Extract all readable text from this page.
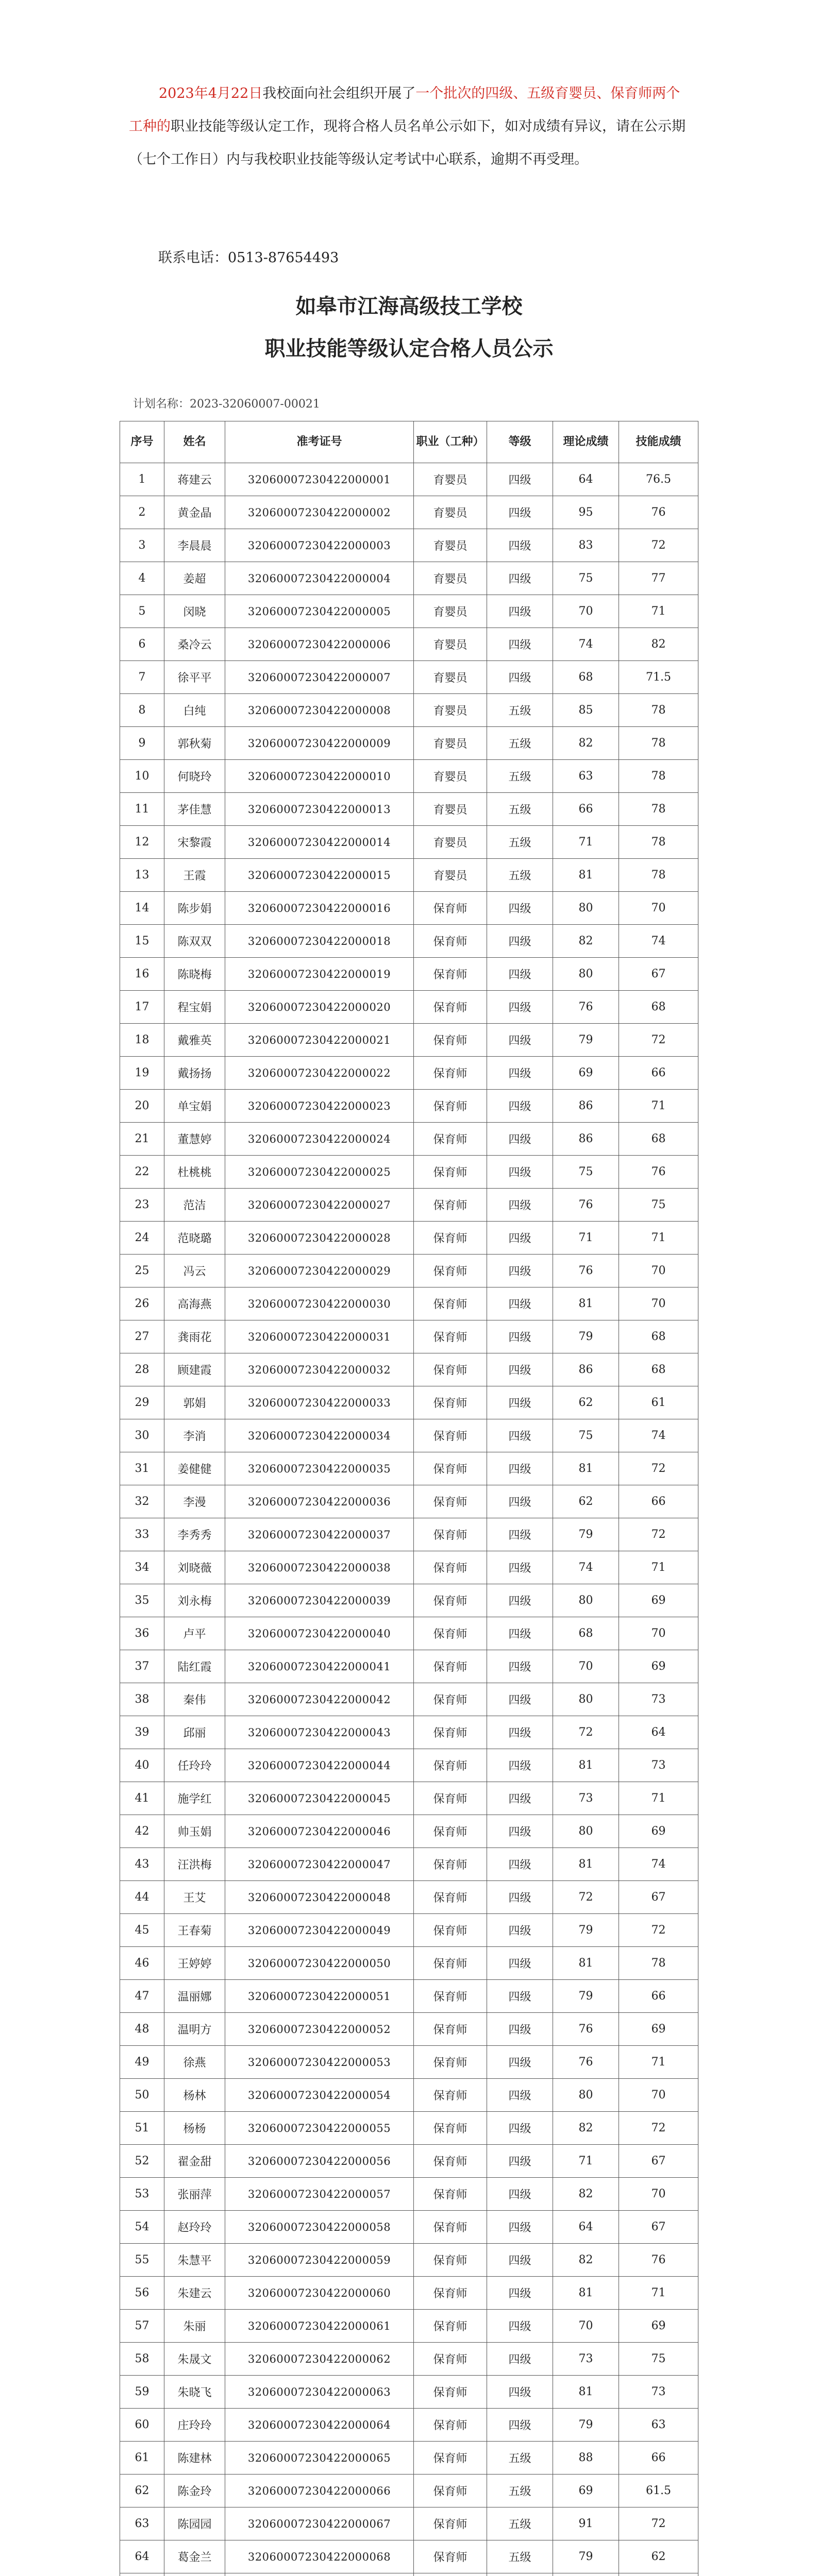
2023年4月22日我校面向社会组织开展了一个批次的四级、五级育婴员、保育师两个工种的职业技能等级认定工作，现将合格人员名单公示如下，如对成绩有异议，请在公示期（七个工作日）内与我校职业技能等级认定考试中心联系，逾期不再受理。
联系电话：0513-87654493
如皋市江海高级技工学校
职业技能等级认定合格人员公示
计划名称：2023-32060007-00021
序号	姓名	准考证号	职业（工种）	等级	理论成绩	技能成绩
1	蒋建云	32060007230422000001	育婴员	四级	64	76.5
2	黄金晶	32060007230422000002	育婴员	四级	95	76
3	李晨晨	32060007230422000003	育婴员	四级	83	72
4	姜超	32060007230422000004	育婴员	四级	75	77
5	闵晓	32060007230422000005	育婴员	四级	70	71
6	桑冷云	32060007230422000006	育婴员	四级	74	82
7	徐平平	32060007230422000007	育婴员	四级	68	71.5
8	白纯	32060007230422000008	育婴员	五级	85	78
9	郭秋菊	32060007230422000009	育婴员	五级	82	78
10	何晓玲	32060007230422000010	育婴员	五级	63	78
11	茅佳慧	32060007230422000013	育婴员	五级	66	78
12	宋黎霞	32060007230422000014	育婴员	五级	71	78
13	王霞	32060007230422000015	育婴员	五级	81	78
14	陈步娟	32060007230422000016	保育师	四级	80	70
15	陈双双	32060007230422000018	保育师	四级	82	74
16	陈晓梅	32060007230422000019	保育师	四级	80	67
17	程宝娟	32060007230422000020	保育师	四级	76	68
18	戴雅英	32060007230422000021	保育师	四级	79	72
19	戴扬扬	32060007230422000022	保育师	四级	69	66
20	单宝娟	32060007230422000023	保育师	四级	86	71
21	董慧婷	32060007230422000024	保育师	四级	86	68
22	杜桃桃	32060007230422000025	保育师	四级	75	76
23	范洁	32060007230422000027	保育师	四级	76	75
24	范晓璐	32060007230422000028	保育师	四级	71	71
25	冯云	32060007230422000029	保育师	四级	76	70
26	高海燕	32060007230422000030	保育师	四级	81	70
27	龚雨花	32060007230422000031	保育师	四级	79	68
28	顾建霞	32060007230422000032	保育师	四级	86	68
29	郭娟	32060007230422000033	保育师	四级	62	61
30	李消	32060007230422000034	保育师	四级	75	74
31	姜健健	32060007230422000035	保育师	四级	81	72
32	李漫	32060007230422000036	保育师	四级	62	66
33	李秀秀	32060007230422000037	保育师	四级	79	72
34	刘晓薇	32060007230422000038	保育师	四级	74	71
35	刘永梅	32060007230422000039	保育师	四级	80	69
36	卢平	32060007230422000040	保育师	四级	68	70
37	陆红霞	32060007230422000041	保育师	四级	70	69
38	秦伟	32060007230422000042	保育师	四级	80	73
39	邱丽	32060007230422000043	保育师	四级	72	64
40	任玲玲	32060007230422000044	保育师	四级	81	73
41	施学红	32060007230422000045	保育师	四级	73	71
42	帅玉娟	32060007230422000046	保育师	四级	80	69
43	汪洪梅	32060007230422000047	保育师	四级	81	74
44	王艾	32060007230422000048	保育师	四级	72	67
45	王春菊	32060007230422000049	保育师	四级	79	72
46	王婷婷	32060007230422000050	保育师	四级	81	78
47	温丽娜	32060007230422000051	保育师	四级	79	66
48	温明方	32060007230422000052	保育师	四级	76	69
49	徐燕	32060007230422000053	保育师	四级	76	71
50	杨林	32060007230422000054	保育师	四级	80	70
51	杨杨	32060007230422000055	保育师	四级	82	72
52	翟金甜	32060007230422000056	保育师	四级	71	67
53	张丽萍	32060007230422000057	保育师	四级	82	70
54	赵玲玲	32060007230422000058	保育师	四级	64	67
55	朱慧平	32060007230422000059	保育师	四级	82	76
56	朱建云	32060007230422000060	保育师	四级	81	71
57	朱丽	32060007230422000061	保育师	四级	70	69
58	朱晟文	32060007230422000062	保育师	四级	73	75
59	朱晓飞	32060007230422000063	保育师	四级	81	73
60	庄玲玲	32060007230422000064	保育师	四级	79	63
61	陈建林	32060007230422000065	保育师	五级	88	66
62	陈金玲	32060007230422000066	保育师	五级	69	61.5
63	陈园园	32060007230422000067	保育师	五级	91	72
64	葛金兰	32060007230422000068	保育师	五级	79	62
